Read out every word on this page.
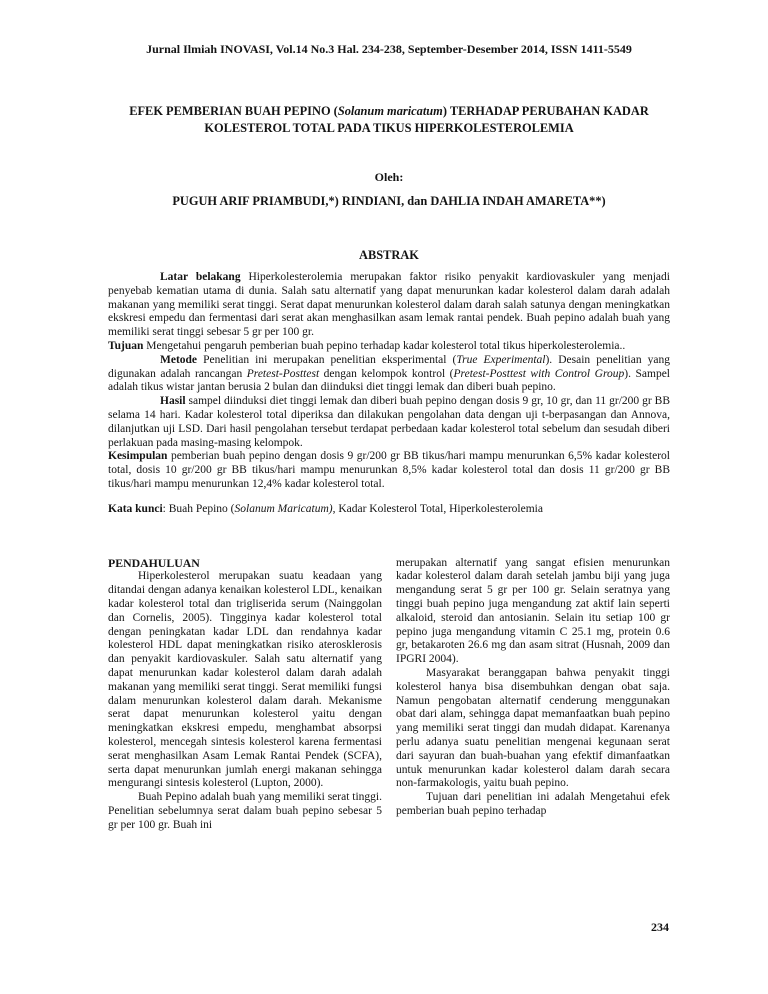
Jurnal Ilmiah INOVASI, Vol.14 No.3 Hal. 234-238, September-Desember 2014, ISSN 1411-5549
EFEK PEMBERIAN BUAH PEPINO (Solanum maricatum) TERHADAP PERUBAHAN KADAR
KOLESTEROL TOTAL PADA TIKUS HIPERKOLESTEROLEMIA
Oleh:
PUGUH ARIF PRIAMBUDI,*) RINDIANI, dan DAHLIA INDAH AMARETA**)
ABSTRAK

Latar belakang Hiperkolesterolemia merupakan faktor risiko penyakit kardiovaskuler yang menjadi penyebab kematian utama di dunia. Salah satu alternatif yang dapat menurunkan kadar kolesterol dalam darah adalah makanan yang memiliki serat tinggi. Serat dapat menurunkan kolesterol dalam darah salah satunya dengan meningkatkan ekskresi empedu dan fermentasi dari serat akan menghasilkan asam lemak rantai pendek. Buah pepino adalah buah yang memiliki serat tinggi sebesar 5 gr per 100 gr.

Tujuan Mengetahui pengaruh pemberian buah pepino terhadap kadar kolesterol total tikus hiperkolesterolemia..

Metode Penelitian ini merupakan penelitian eksperimental (True Experimental). Desain penelitian yang digunakan adalah rancangan Pretest-Posttest dengan kelompok kontrol (Pretest-Posttest with Control Group). Sampel adalah tikus wistar jantan berusia 2 bulan dan diinduksi diet tinggi lemak dan diberi buah pepino.

Hasil sampel diinduksi diet tinggi lemak dan diberi buah pepino dengan dosis 9 gr, 10 gr, dan 11 gr/200 gr BB selama 14 hari. Kadar kolesterol total diperiksa dan dilakukan pengolahan data dengan uji t-berpasangan dan Annova, dilanjutkan uji LSD. Dari hasil pengolahan tersebut terdapat perbedaan kadar kolesterol total sebelum dan sesudah diberi perlakuan pada masing-masing kelompok.

Kesimpulan pemberian buah pepino dengan dosis 9 gr/200 gr BB tikus/hari mampu menurunkan 6,5% kadar kolesterol total, dosis 10 gr/200 gr BB tikus/hari mampu menurunkan 8,5% kadar kolesterol total dan dosis 11 gr/200 gr BB tikus/hari mampu menurunkan 12,4% kadar kolesterol total.

Kata kunci: Buah Pepino (Solanum Maricatum), Kadar Kolesterol Total, Hiperkolesterolemia
PENDAHULUAN

Hiperkolesterol merupakan suatu keadaan yang ditandai dengan adanya kenaikan kolesterol LDL, kenaikan kadar kolesterol total dan trigliserida serum (Nainggolan dan Cornelis, 2005). Tingginya kadar kolesterol total dengan peningkatan kadar LDL dan rendahnya kadar kolesterol HDL dapat meningkatkan risiko aterosklerosis dan penyakit kardiovaskuler. Salah satu alternatif yang dapat menurunkan kadar kolesterol dalam darah adalah makanan yang memiliki serat tinggi. Serat memiliki fungsi dalam menurunkan kolesterol dalam darah. Mekanisme serat dapat menurunkan kolesterol yaitu dengan meningkatkan ekskresi empedu, menghambat absorpsi kolesterol, mencegah sintesis kolesterol karena fermentasi serat menghasilkan Asam Lemak Rantai Pendek (SCFA), serta dapat menurunkan jumlah energi makanan sehingga mengurangi sintesis kolesterol (Lupton, 2000).

Buah Pepino adalah buah yang memiliki serat tinggi. Penelitian sebelumnya serat dalam buah pepino sebesar 5 gr per 100 gr. Buah ini

merupakan alternatif yang sangat efisien menurunkan kadar kolesterol dalam darah setelah jambu biji yang juga mengandung serat 5 gr per 100 gr. Selain seratnya yang tinggi buah pepino juga mengandung zat aktif lain seperti alkaloid, steroid dan antosianin. Selain itu setiap 100 gr pepino juga mengandung vitamin C 25.1 mg, protein 0.6 gr, betakaroten 26.6 mg dan asam sitrat (Husnah, 2009 dan IPGRI 2004).

Masyarakat beranggapan bahwa penyakit tinggi kolesterol hanya bisa disembuhkan dengan obat saja. Namun pengobatan alternatif cenderung menggunakan obat dari alam, sehingga dapat memanfaatkan buah pepino yang memiliki serat tinggi dan mudah didapat. Karenanya perlu adanya suatu penelitian mengenai kegunaan serat dari sayuran dan buah-buahan yang efektif dimanfaatkan untuk menurunkan kadar kolesterol dalam darah secara non-farmakologis, yaitu buah pepino.

Tujuan dari penelitian ini adalah Mengetahui efek pemberian buah pepino terhadap

234
